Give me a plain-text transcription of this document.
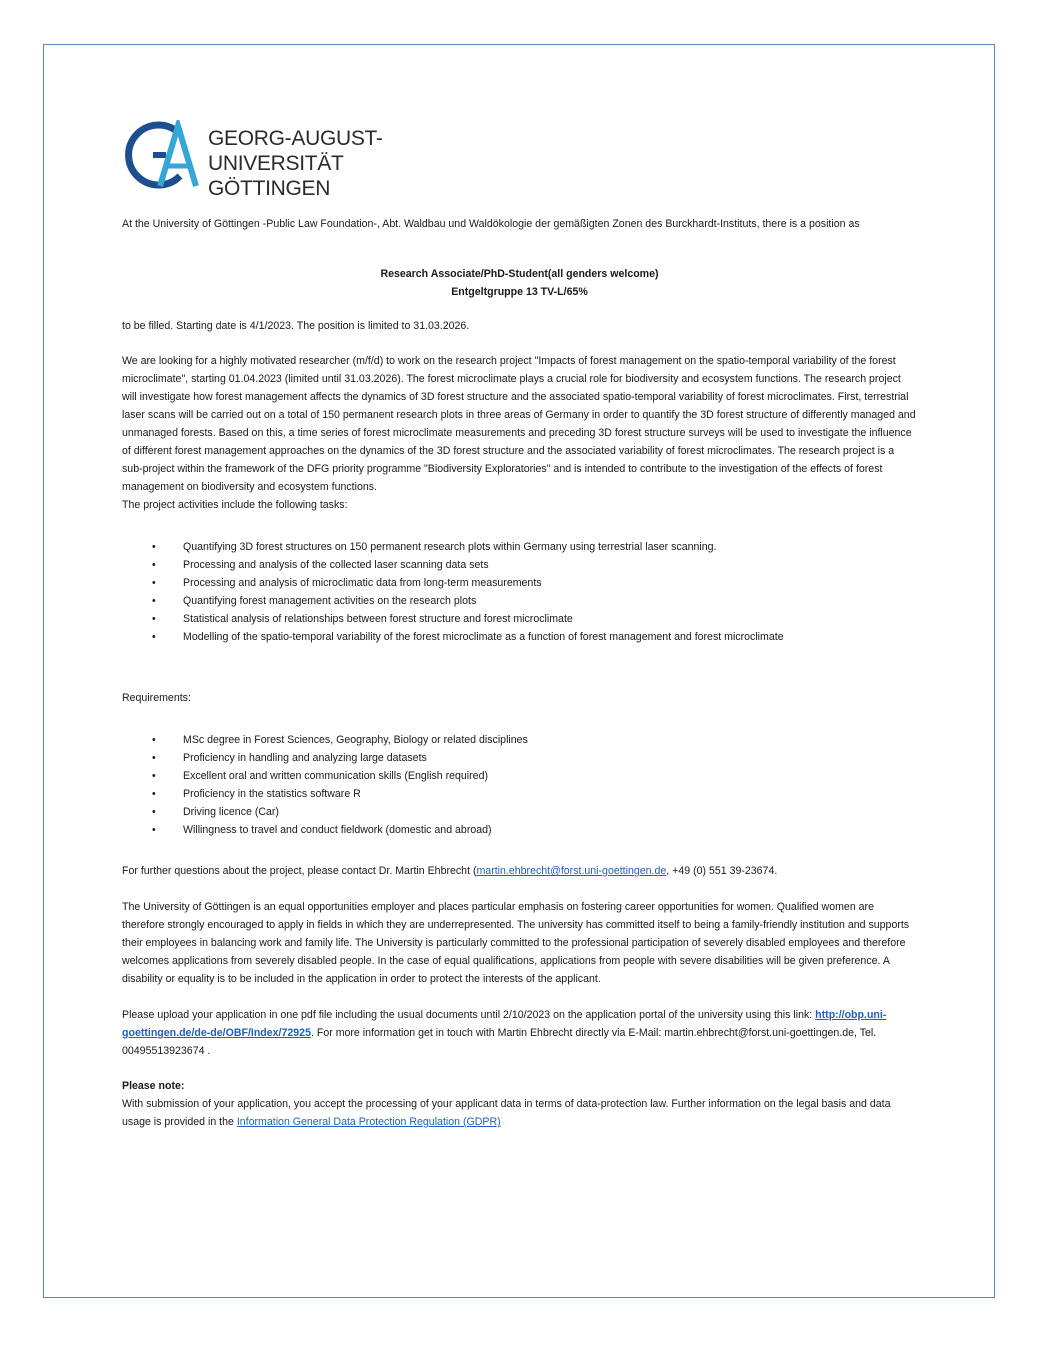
GEORG-AUGUST-UNIVERSITÄT
GÖTTINGEN

At the University of Göttingen -Public Law Foundation-, Abt. Waldbau und Waldökologie der gemäßigten Zonen des Burckhardt-Instituts, there is a position as

Research Associate/PhD-Student(all genders welcome)

Entgeltgruppe 13 TV-L/65%

to be filled. Starting date is 4/1/2023. The position is limited to 31.03.2026.

We are looking for a highly motivated researcher (m/f/d) to work on the research project "Impacts of forest management on the spatio-temporal variability of the forest microclimate", starting 01.04.2023 (limited until 31.03.2026). The forest microclimate plays a crucial role for biodiversity and ecosystem functions. The research project will investigate how forest management affects the dynamics of 3D forest structure and the associated spatio-temporal variability of forest microclimates. First, terrestrial laser scans will be carried out on a total of 150 permanent research plots in three areas of Germany in order to quantify the 3D forest structure of differently managed and unmanaged forests. Based on this, a time series of forest microclimate measurements and preceding 3D forest structure surveys will be used to investigate the influence of different forest management approaches on the dynamics of the 3D forest structure and the associated variability of forest microclimates. The research project is a sub-project within the framework of the DFG priority programme "Biodiversity Exploratories" and is intended to contribute to the investigation of the effects of forest management on biodiversity and ecosystem functions.

The project activities include the following tasks:

• Quantifying 3D forest structures on 150 permanent research plots within Germany using terrestrial laser scanning.
• Processing and analysis of the collected laser scanning data sets
• Processing and analysis of microclimatic data from long-term measurements
• Quantifying forest management activities on the research plots
• Statistical analysis of relationships between forest structure and forest microclimate
• Modelling of the spatio-temporal variability of the forest microclimate as a function of forest management and forest microclimate

Requirements:

• MSc degree in Forest Sciences, Geography, Biology or related disciplines
• Proficiency in handling and analyzing large datasets
• Excellent oral and written communication skills (English required)
• Proficiency in the statistics software R
• Driving licence (Car)
• Willingness to travel and conduct fieldwork (domestic and abroad)

For further questions about the project, please contact Dr. Martin Ehbrecht (martin.ehbrecht@forst.uni-goettingen.de, +49 (0) 551 39-23674.

The University of Göttingen is an equal opportunities employer and places particular emphasis on fostering career opportunities for women. Qualified women are therefore strongly encouraged to apply in fields in which they are underrepresented. The university has committed itself to being a family-friendly institution and supports their employees in balancing work and family life. The University is particularly committed to the professional participation of severely disabled employees and therefore welcomes applications from severely disabled people. In the case of equal qualifications, applications from people with severe disabilities will be given preference. A disability or equality is to be included in the application in order to protect the interests of the applicant.

Please upload your application in one pdf file including the usual documents until 2/10/2023 on the application portal of the university using this link: http://obp.uni-goettingen.de/de-de/OBF/Index/72925. For more information get in touch with Martin Ehbrecht directly via E-Mail: martin.ehbrecht@forst.uni-goettingen.de, Tel. 00495513923674 .

Please note:

With submission of your application, you accept the processing of your applicant data in terms of data-protection law. Further information on the legal basis and data usage is provided in the Information General Data Protection Regulation (GDPR)
